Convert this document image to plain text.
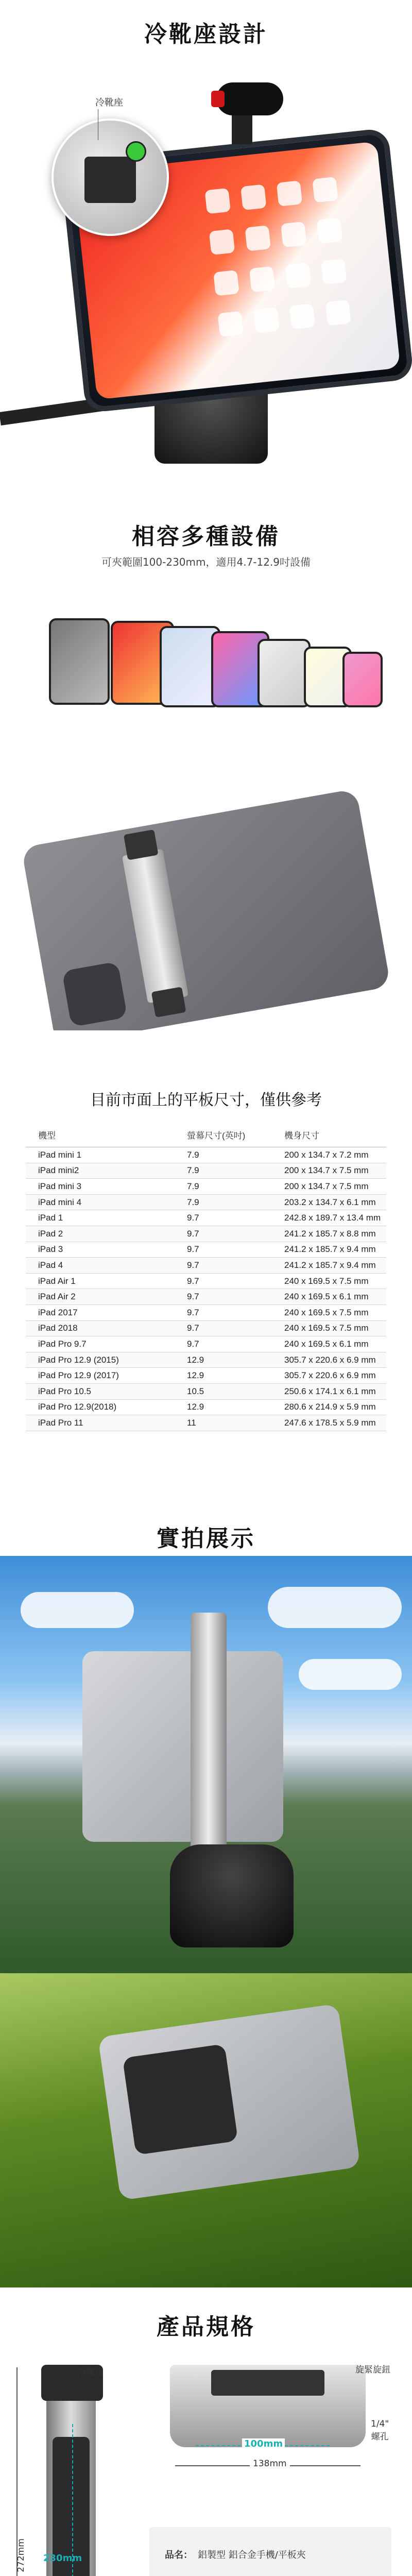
冷靴座設計
冷靴座
相容多種設備
可夾範圍100-230mm，適用4.7-12.9吋設備
目前市面上的平板尺寸，僅供參考
機型	螢幕尺寸(英吋)	機身尺寸
iPad mini 1	7.9	200 x 134.7 x 7.2 mm
iPad mini2	7.9	200 x 134.7 x 7.5 mm
iPad mini 3	7.9	200 x 134.7 x 7.5 mm
iPad mini 4	7.9	203.2 x 134.7 x 6.1 mm
iPad 1	9.7	242.8 x 189.7 x 13.4 mm
iPad 2	9.7	241.2 x 185.7 x 8.8 mm
iPad 3	9.7	241.2 x 185.7 x 9.4 mm
iPad 4	9.7	241.2 x 185.7 x 9.4 mm
iPad Air 1	9.7	240 x 169.5 x 7.5 mm
iPad Air 2	9.7	240 x 169.5 x 6.1 mm
iPad 2017	9.7	240 x 169.5 x 7.5 mm
iPad 2018	9.7	240 x 169.5 x 7.5 mm
iPad Pro 9.7	9.7	240 x 169.5 x 6.1 mm
iPad Pro 12.9 (2015)	12.9	305.7 x 220.6 x 6.9 mm
iPad Pro 12.9 (2017)	12.9	305.7 x 220.6 x 6.9 mm
iPad Pro 10.5	10.5	250.6 x 174.1 x 6.1 mm
iPad Pro 12.9(2018)	12.9	280.6 x 214.9 x 5.9 mm
iPad Pro 11	11	247.6 x 178.5 x 5.9 mm
實拍展示
產品規格
272mm 230mm
冷靴座	旋緊旋鈕
1/4"
螺孔
100mm
138mm
品名： 鋁製型 鋁合金手機/平板夾
